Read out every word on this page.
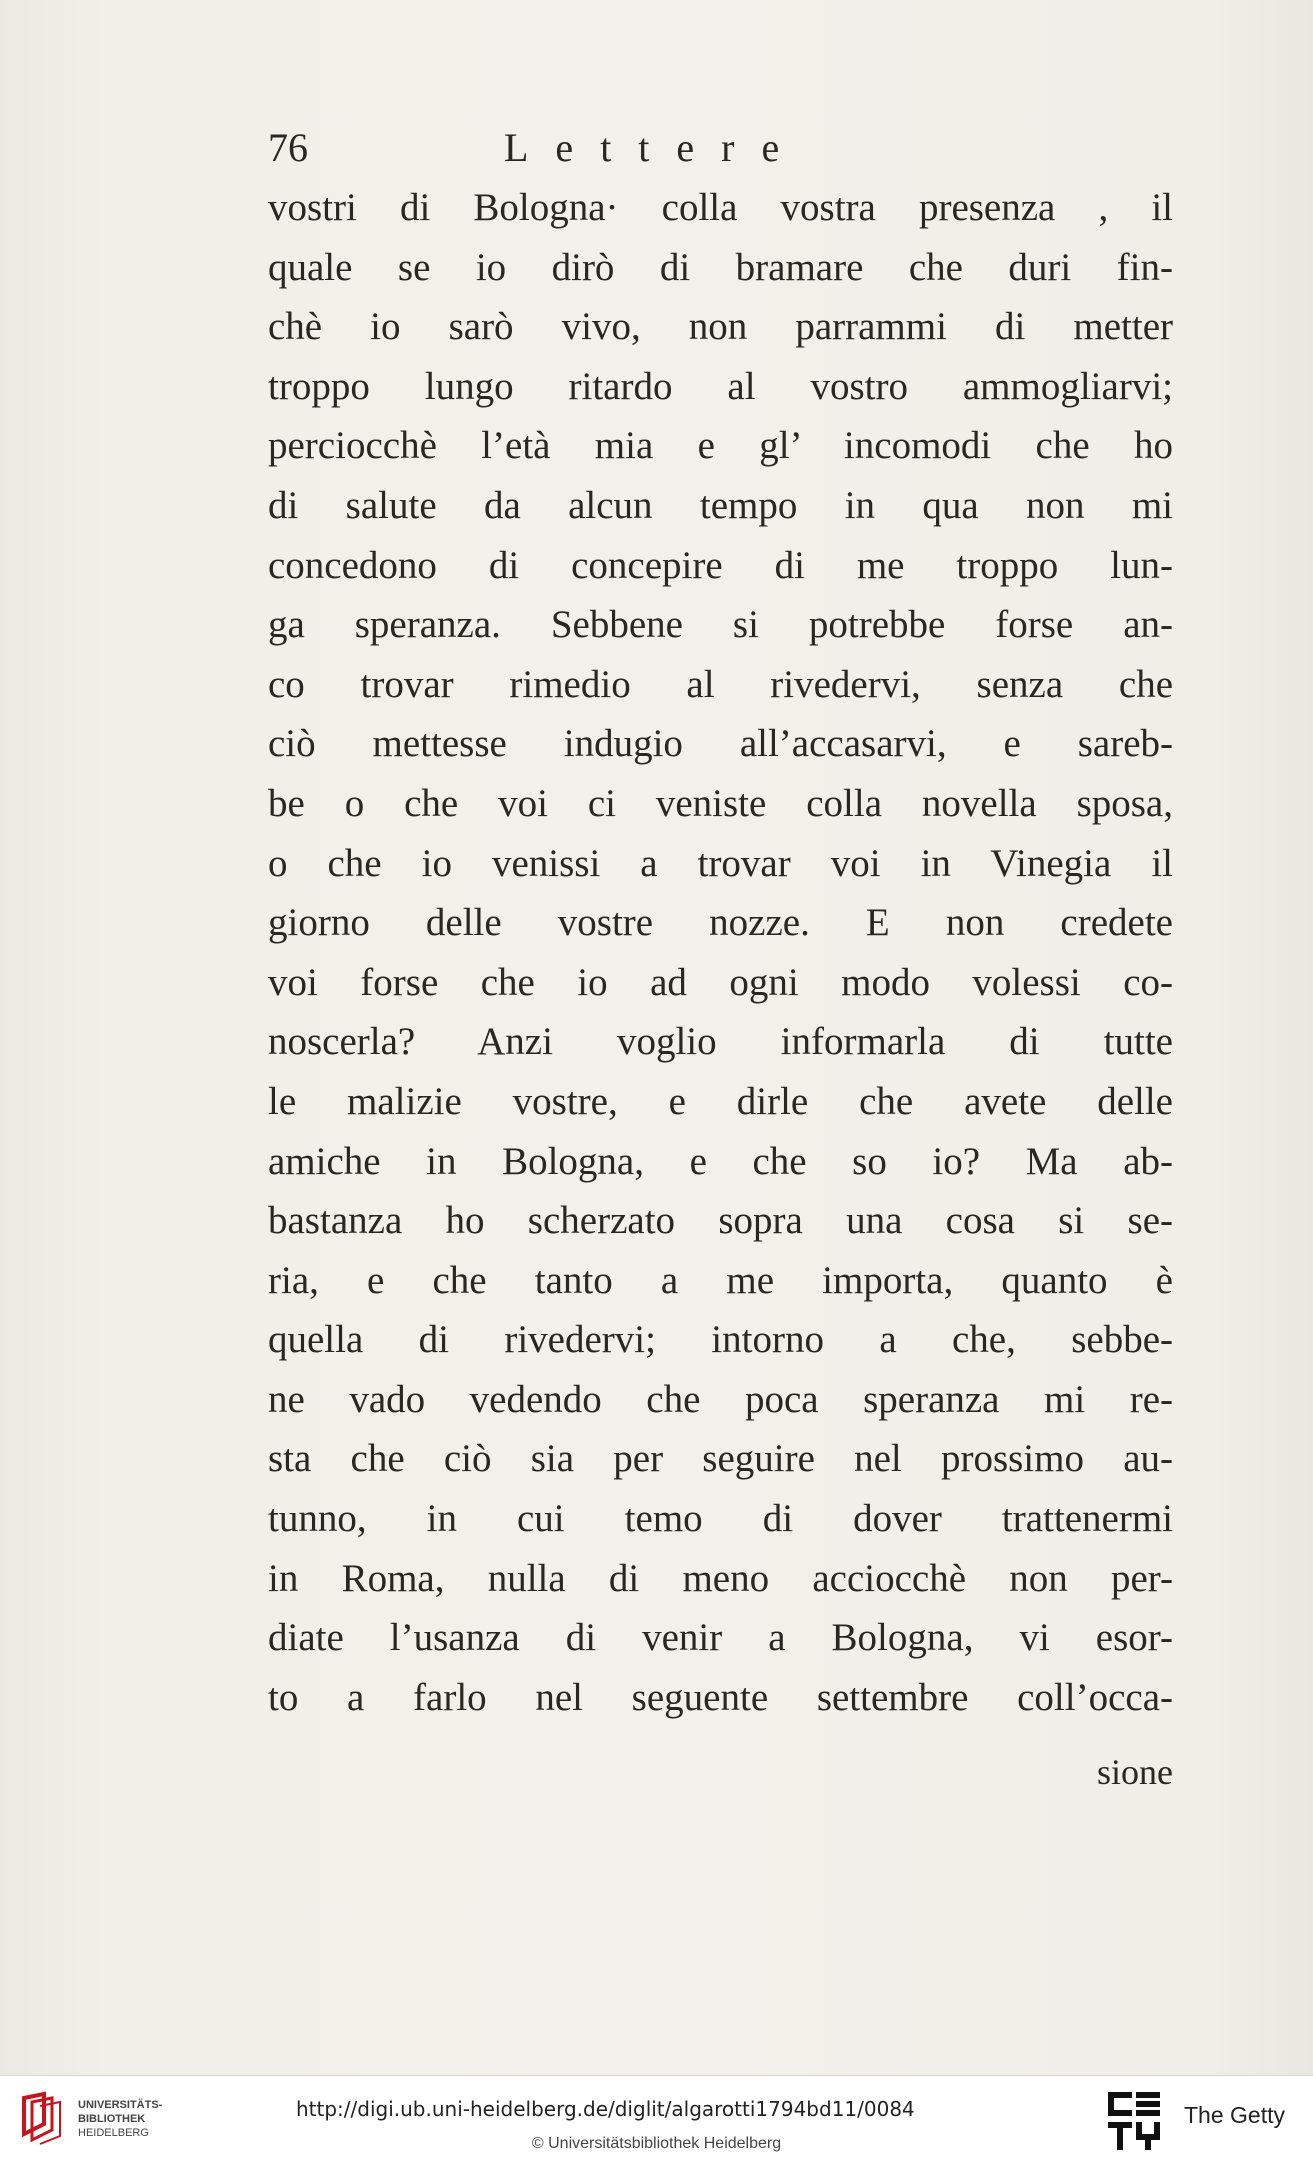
76	Lettere
vostri di Bologna· colla vostra presenza , il
quale se io dirò di bramare che duri fin-
chè io sarò vivo, non parrammi di metter
troppo lungo ritardo al vostro ammogliarvi;
perciocchè l’età mia e gl’ incomodi che ho
di salute da alcun tempo in qua non mi
concedono di concepire di me troppo lun-
ga speranza. Sebbene si potrebbe forse an-
co trovar rimedio al rivedervi, senza che
ciò mettesse indugio all’accasarvi, e sareb-
be o che voi ci veniste colla novella sposa,
o che io venissi a trovar voi in Vinegia il
giorno delle vostre nozze. E non credete
voi forse che io ad ogni modo volessi co-
noscerla? Anzi voglio informarla di tutte
le malizie vostre, e dirle che avete delle
amiche in Bologna, e che so io? Ma ab-
bastanza ho scherzato sopra una cosa si se-
ria, e che tanto a me importa, quanto è
quella di rivedervi; intorno a che, sebbe-
ne vado vedendo che poca speranza mi re-
sta che ciò sia per seguire nel prossimo au-
tunno, in cui temo di dover trattenermi
in Roma, nulla di meno acciocchè non per-
diate l’usanza di venir a Bologna, vi esor-
to a farlo nel seguente settembre coll’occa-
sione
UNIVERSITÄTS-
BIBLIOTHEK
HEIDELBERG
http://digi.ub.uni-heidelberg.de/diglit/algarotti1794bd11/0084
© Universitätsbibliothek Heidelberg
The Getty
